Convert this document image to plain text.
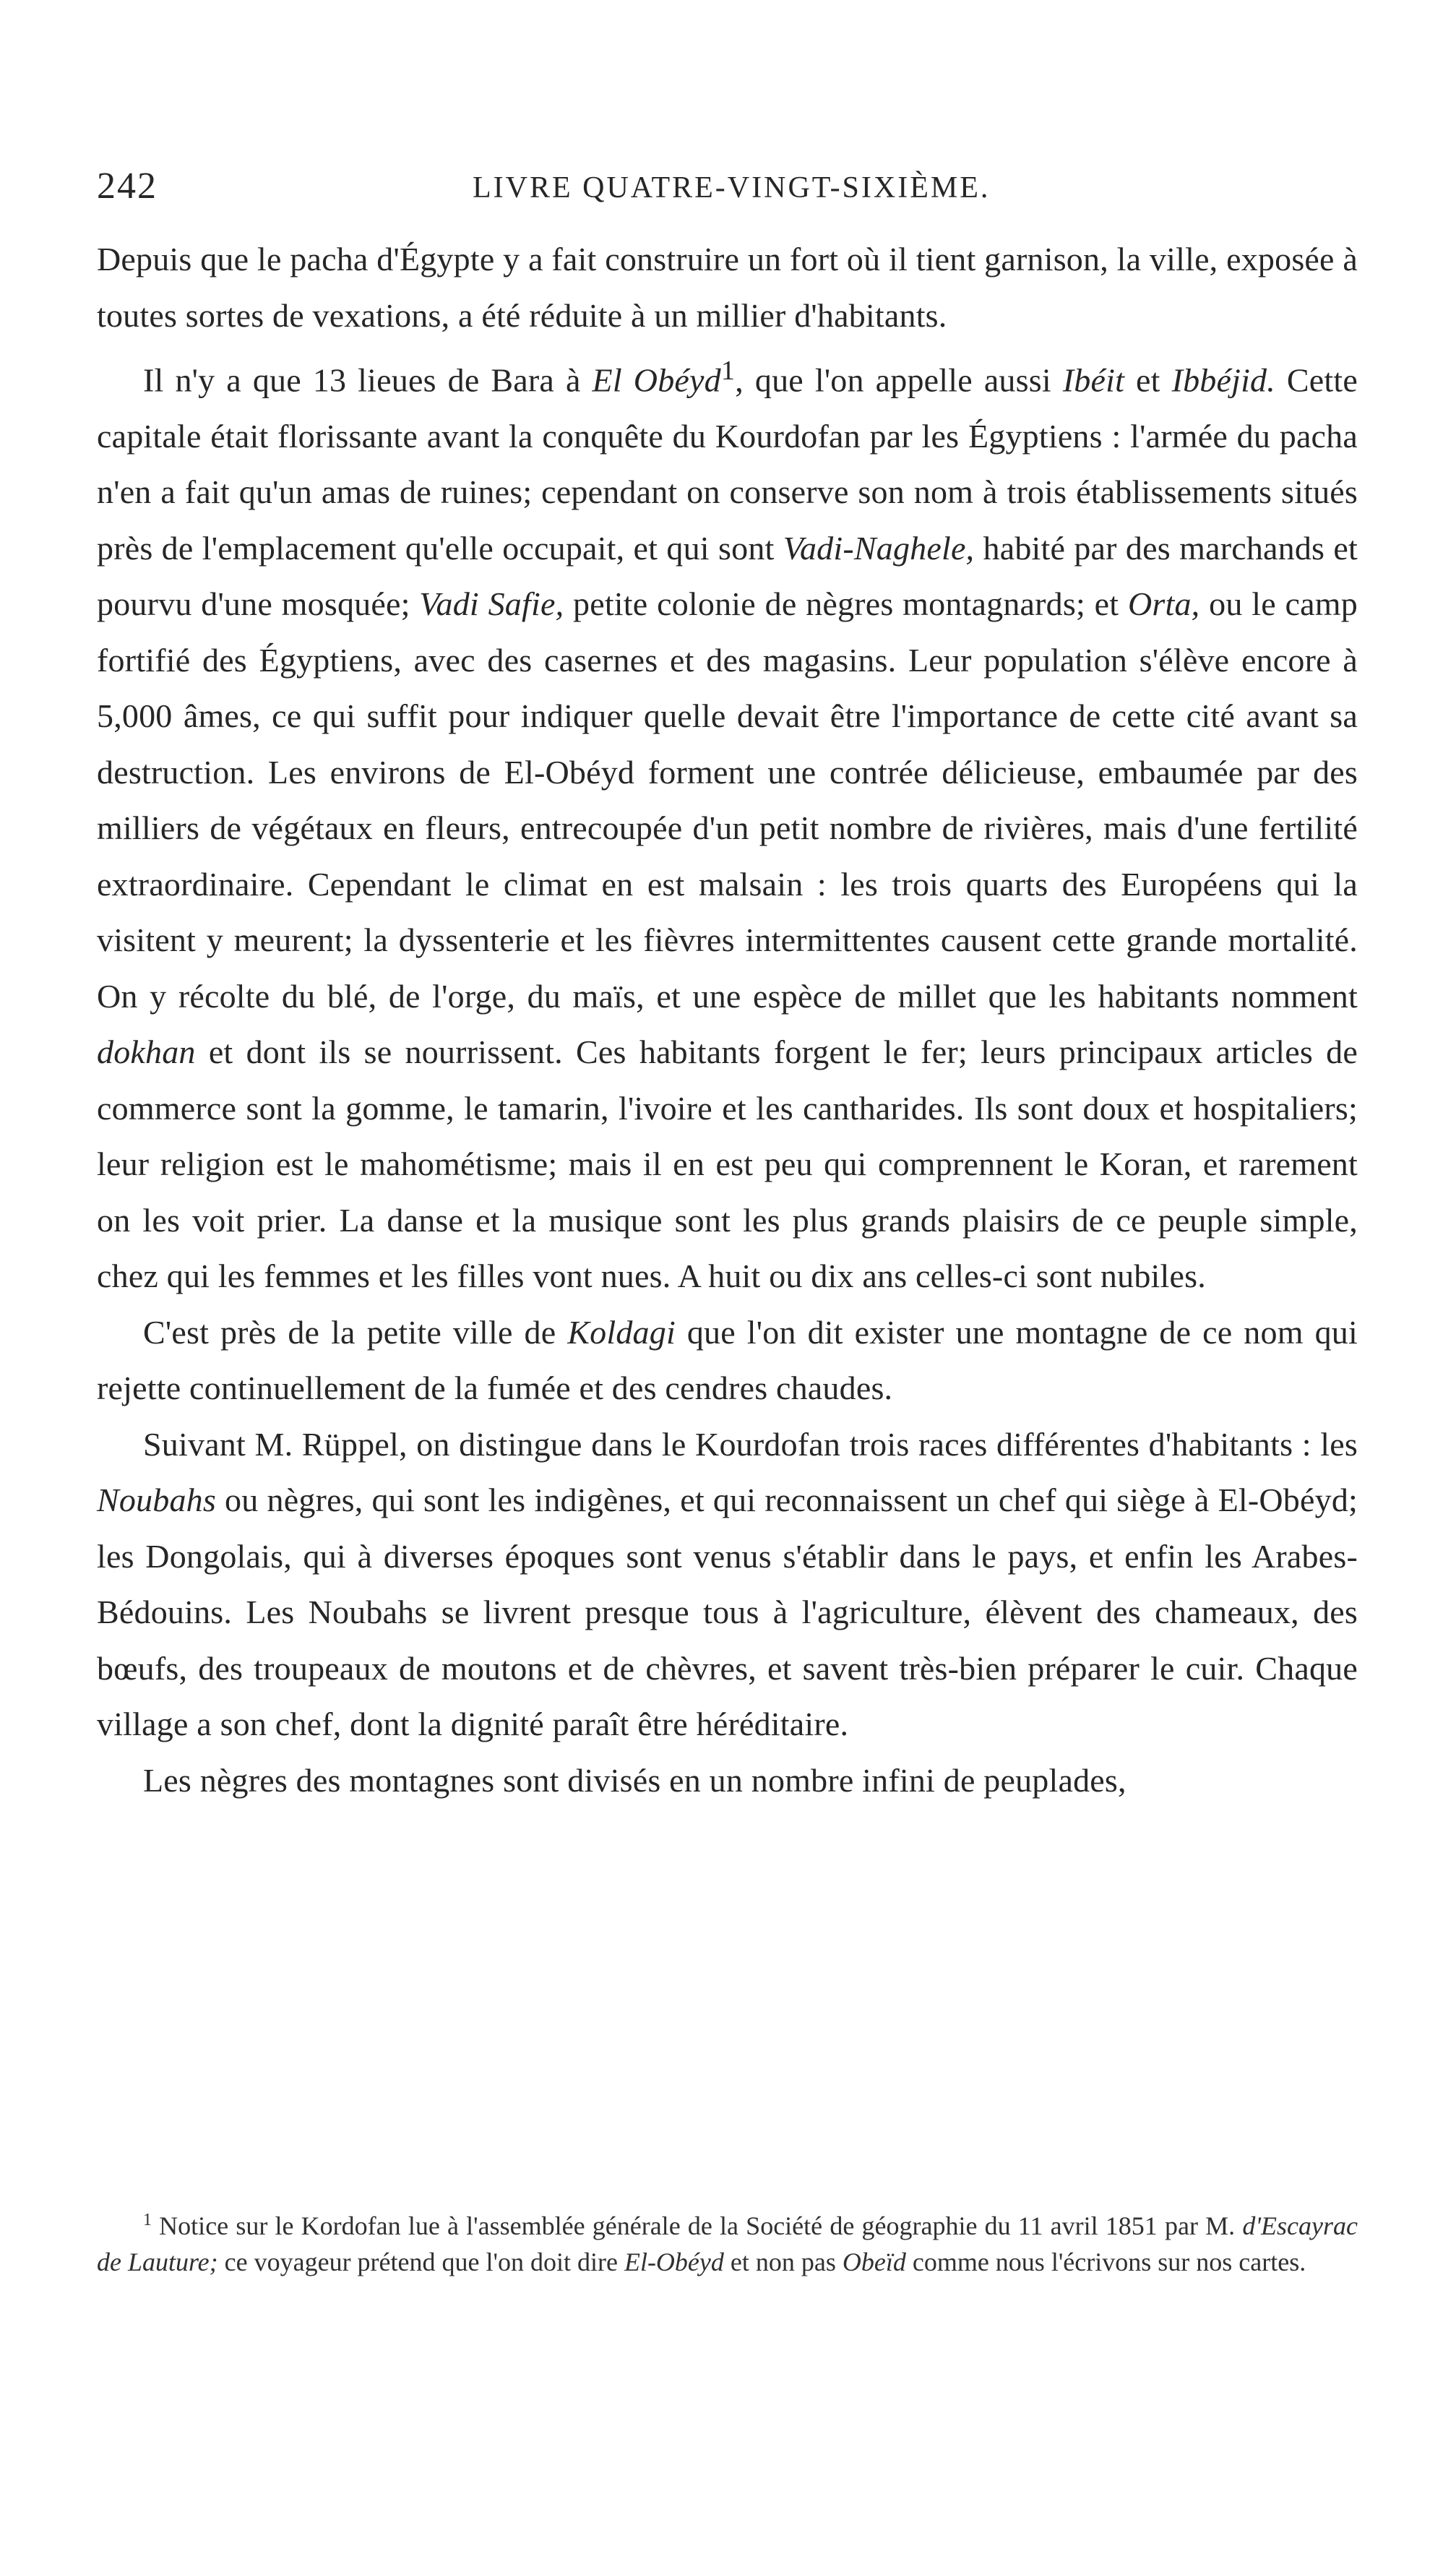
242	LIVRE QUATRE-VINGT-SIXIÈME.

Depuis que le pacha d'Égypte y a fait construire un fort où il tient garnison, la ville, exposée à toutes sortes de vexations, a été réduite à un millier d'habitants.

Il n'y a que 13 lieues de Bara à El Obéyd$^1$, que l'on appelle aussi Ibéit et Ibbéjid. Cette capitale était florissante avant la conquête du Kourdofan par les Égyptiens : l'armée du pacha n'en a fait qu'un amas de ruines; cependant on conserve son nom à trois établissements situés près de l'emplacement qu'elle occupait, et qui sont Vadi-Naghele, habité par des marchands et pourvu d'une mosquée; Vadi Safie, petite colonie de nègres montagnards; et Orta, ou le camp fortifié des Égyptiens, avec des casernes et des magasins. Leur population s'élève encore à 5,000 âmes, ce qui suffit pour indiquer quelle devait être l'importance de cette cité avant sa destruction. Les environs de El-Obéyd forment une contrée délicieuse, embaumée par des milliers de végétaux en fleurs, entrecoupée d'un petit nombre de rivières, mais d'une fertilité extraordinaire. Cependant le climat en est malsain : les trois quarts des Européens qui la visitent y meurent; la dyssenterie et les fièvres intermittentes causent cette grande mortalité. On y récolte du blé, de l'orge, du maïs, et une espèce de millet que les habitants nomment dokhan et dont ils se nourrissent. Ces habitants forgent le fer; leurs principaux articles de commerce sont la gomme, le tamarin, l'ivoire et les cantharides. Ils sont doux et hospitaliers; leur religion est le mahométisme; mais il en est peu qui comprennent le Koran, et rarement on les voit prier. La danse et la musique sont les plus grands plaisirs de ce peuple simple, chez qui les femmes et les filles vont nues. A huit ou dix ans celles-ci sont nubiles.

C'est près de la petite ville de Koldagi que l'on dit exister une montagne de ce nom qui rejette continuellement de la fumée et des cendres chaudes.

Suivant M. Rüppel, on distingue dans le Kourdofan trois races différentes d'habitants : les Noubahs ou nègres, qui sont les indigènes, et qui reconnaissent un chef qui siège à El-Obéyd; les Dongolais, qui à diverses époques sont venus s'établir dans le pays, et enfin les Arabes-Bédouins. Les Noubahs se livrent presque tous à l'agriculture, élèvent des chameaux, des bœufs, des troupeaux de moutons et de chèvres, et savent très-bien préparer le cuir. Chaque village a son chef, dont la dignité paraît être héréditaire.

Les nègres des montagnes sont divisés en un nombre infini de peuplades,

$^1$ Notice sur le Kordofan lue à l'assemblée générale de la Société de géographie du 11 avril 1851 par M. d'Escayrac de Lauture; ce voyageur prétend que l'on doit dire El-Obéyd et non pas Obeïd comme nous l'écrivons sur nos cartes.
